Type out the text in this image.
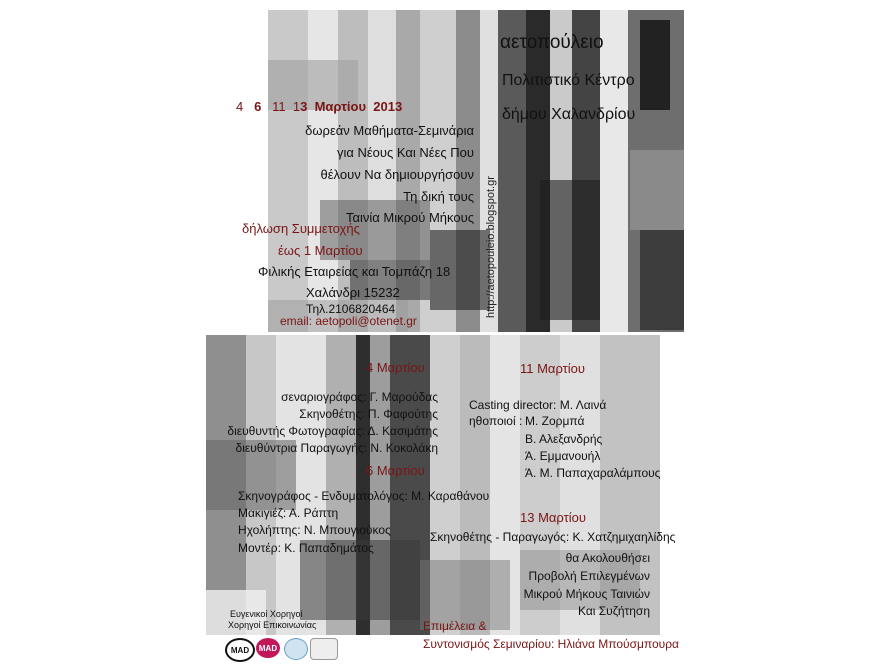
αετοπούλειο
Πολιτιστικό Κέντρο
δήμου Χαλανδρίου
4 6 11  13 Μαρτίου 2013
δωρεάν Μαθήματα-Σεμινάρια
για Νέους Και Νέες Που
θέλουν Να δημιουργήσουν
Τη δική τους
Ταινία Μικρού Μήκους
δήλωση Συμμετοχής
έως 1 Μαρτίου
Φιλικής Εταιρείας και Τομπάζη 18
Χαλάνδρι 15232
Τηλ.2106820464
email: aetopoli@otenet.gr
http://aetopouleio.blogspot.gr
4 Μαρτίου
σεναριογράφος: Γ. Μαρούδας
Σκηνοθέτης: Π. Φαφούτης
διευθυντής Φωτογραφίας: Δ. Κασιμάτης
διευθύντρια Παραγωγής: Ν. Κοκολάκη
6 Μαρτίου
Σκηνογράφος - Ενδυματολόγος: Μ. Καραθάνου
Μακιγιέζ: Α. Ράπτη
Ηχολήπτης: Ν. Μπουγιούκος
Μοντέρ: Κ. Παπαδημάτος
11 Μαρτίου
Casting director: Μ. Λαινά
ηθοποιοί : Μ. Ζορμπά
Β. Αλεξανδρής
Ά. Εμμανουήλ
Ά. Μ. Παπαχαραλάμπους
13 Μαρτίου
Σκηνοθέτης - Παραγωγός: Κ. Χατζημιχαηλίδης
θα Ακολουθήσει
Προβολή Επιλεγμένων
Μικρού Μήκους Ταινιών
Και Συζήτηση
Ευγενικοί Χορηγοί
Χορηγοί Επικοινωνίας
MAD	MAD
Επιμέλεια &
Συντονισμός Σεμιναρίου: Ηλιάνα Μπούσμπουρα
